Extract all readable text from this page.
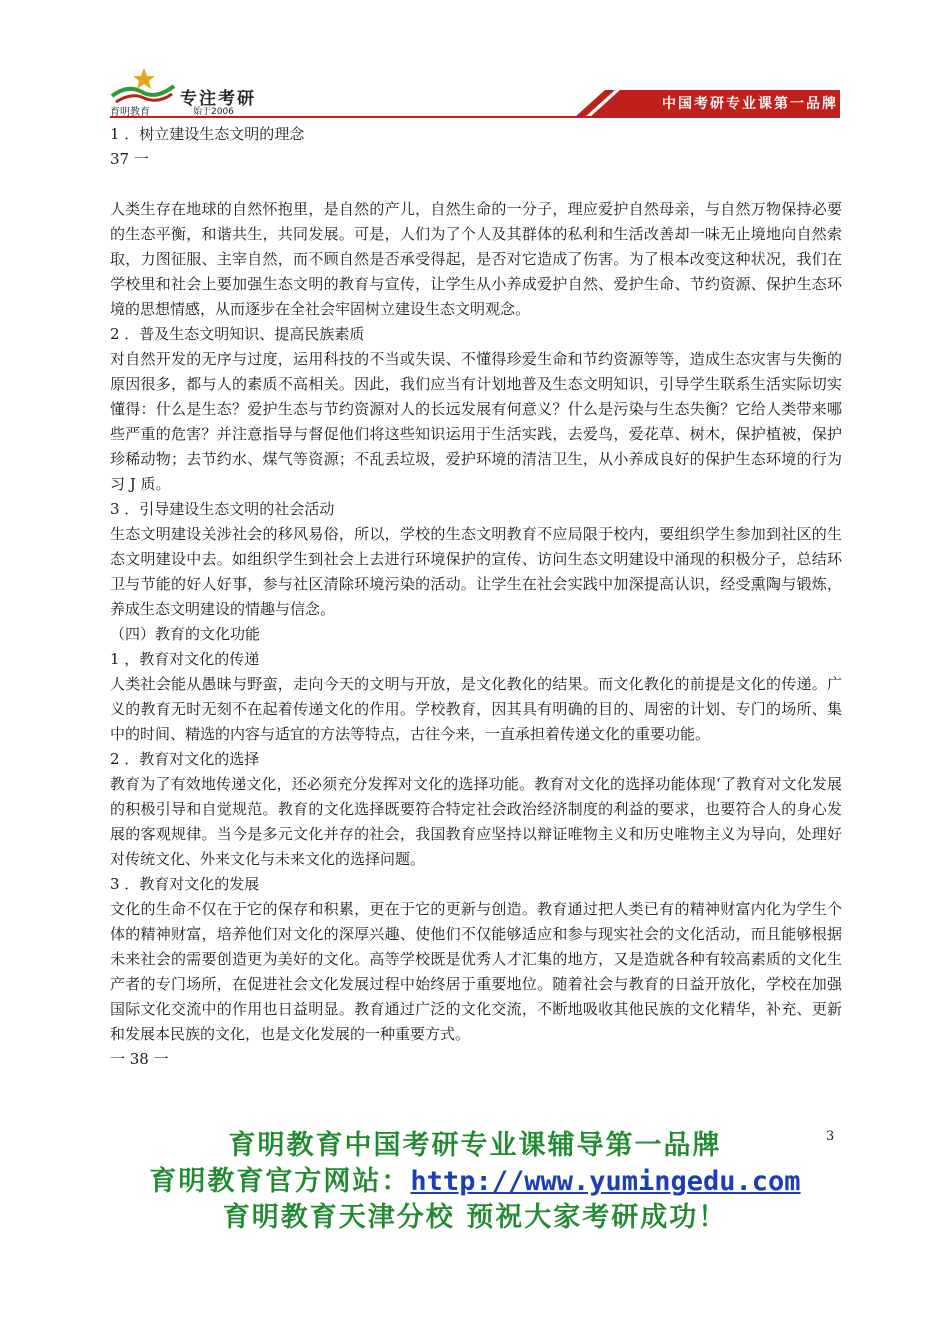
育明教育
专注考研
始于2006	中国考研专业课第一品牌

1 ．树立建设生态文明的理念

37 一

人类生存在地球的自然怀抱里，是自然的产儿，自然生命的一分子，理应爱护自然母亲，与自然万物保持必要的生态平衡，和谐共生，共同发展。可是，人们为了个人及其群体的私利和生活改善却一味无止境地向自然索取，力图征服、主宰自然，而不顾自然是否承受得起，是否对它造成了伤害。为了根本改变这种状况，我们在学校里和社会上要加强生态文明的教育与宣传，让学生从小养成爱护自然、爱护生命、节约资源、保护生态环境的思想情感，从而逐步在全社会牢固树立建设生态文明观念。

2 ．普及生态文明知识、提高民族素质

对自然开发的无序与过度，运用科技的不当或失误、不懂得珍爱生命和节约资源等等，造成生态灾害与失衡的原因很多，都与人的素质不高相关。因此，我们应当有计划地普及生态文明知识，引导学生联系生活实际切实懂得：什么是生态？爱护生态与节约资源对人的长远发展有何意义？什么是污染与生态失衡？它给人类带来哪些严重的危害？并注意指导与督促他们将这些知识运用于生活实践，去爱鸟，爱花草、树木，保护植被，保护珍稀动物；去节约水、煤气等资源；不乱丢垃圾，爱护环境的清洁卫生，从小养成良好的保护生态环境的行为习 J 质。

3 ．引导建设生态文明的社会活动

生态文明建设关涉社会的移风易俗，所以，学校的生态文明教育不应局限于校内，要组织学生参加到社区的生态文明建设中去。如组织学生到社会上去进行环境保护的宣传、访问生态文明建设中涌现的积极分子，总结环卫与节能的好人好事，参与社区清除环境污染的活动。让学生在社会实践中加深提高认识，经受熏陶与锻炼，养成生态文明建设的情趣与信念。

（四）教育的文化功能

1 ，教育对文化的传递

人类社会能从愚昧与野蛮，走向今天的文明与开放，是文化教化的结果。而文化教化的前提是文化的传递。广义的教育无时无刻不在起着传递文化的作用。学校教育，因其具有明确的目的、周密的计划、专门的场所、集中的时间、精选的内容与适宜的方法等特点，古往今来，一直承担着传递文化的重要功能。

2 ．教育对文化的选择

教育为了有效地传递文化，还必须充分发挥对文化的选择功能。教育对文化的选择功能体现‘了教育对文化发展的积极引导和自觉规范。教育的文化选择既要符合特定社会政治经济制度的利益的要求，也要符合人的身心发展的客观规律。当今是多元文化并存的社会，我国教育应坚持以辩证唯物主义和历史唯物主义为导向，处理好对传统文化、外来文化与未来文化的选择问题。

3 ．教育对文化的发展

文化的生命不仅在于它的保存和积累，更在于它的更新与创造。教育通过把人类已有的精神财富内化为学生个体的精神财富，培养他们对文化的深厚兴趣、使他们不仅能够适应和参与现实社会的文化活动，而且能够根据未来社会的需要创造更为美好的文化。高等学校既是优秀人才汇集的地方，又是造就各种有较高素质的文化生产者的专门场所，在促进社会文化发展过程中始终居于重要地位。随着社会与教育的日益开放化，学校在加强国际文化交流中的作用也日益明显。教育通过广泛的文化交流，不断地吸收其他民族的文化精华，补充、更新和发展本民族的文化，也是文化发展的一种重要方式。

一 38 一

3
育明教育中国考研专业课辅导第一品牌
育明教育官方网站：http://www.yumingedu.com
育明教育天津分校 预祝大家考研成功！
